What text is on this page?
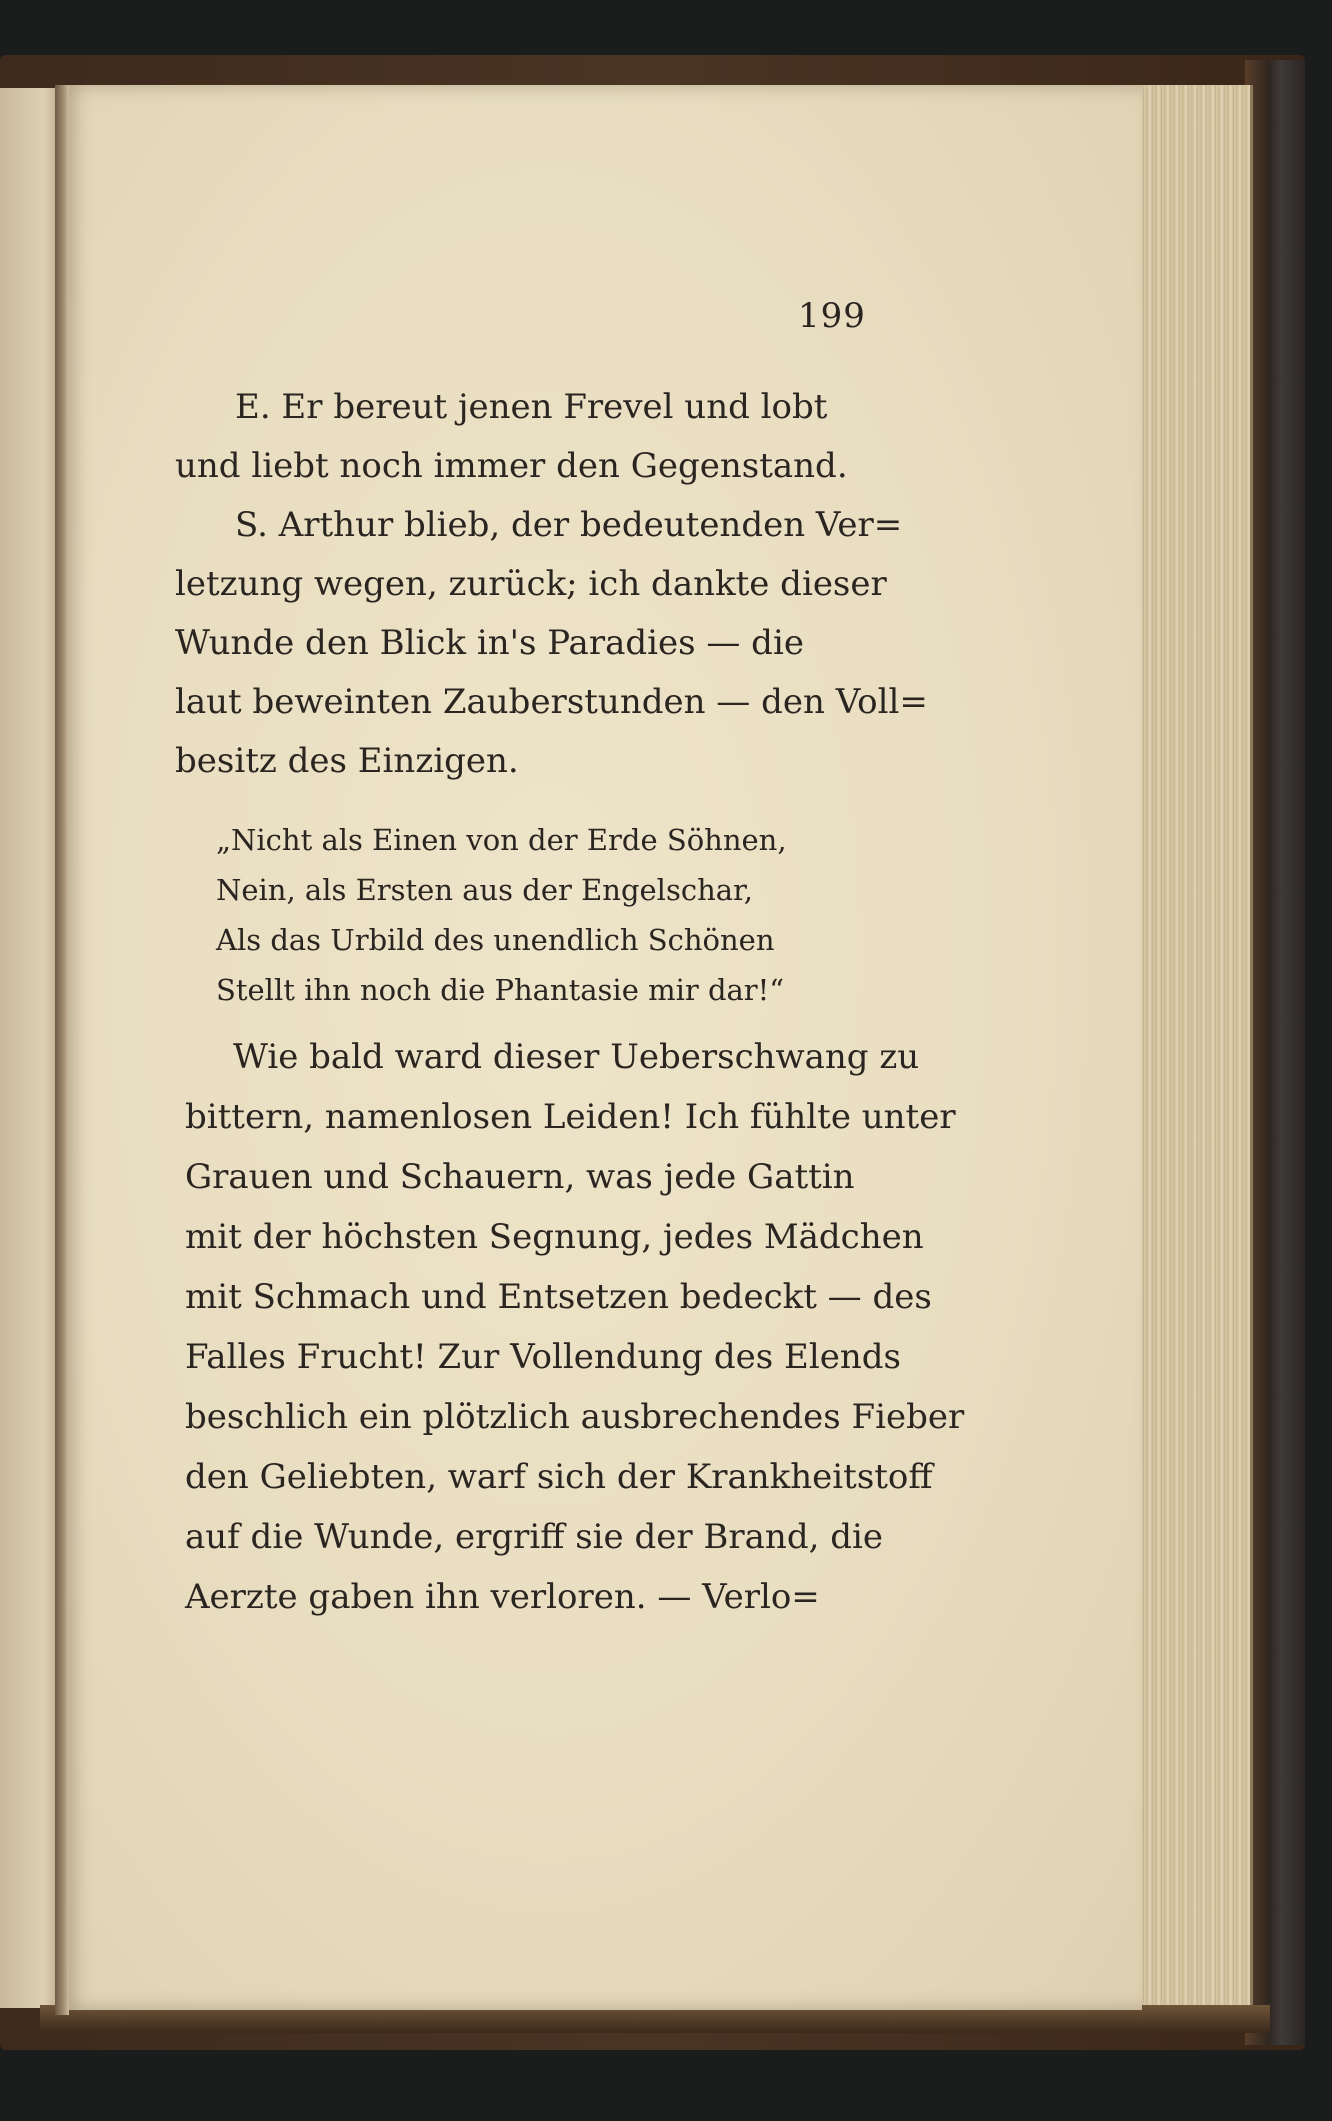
199
E. Er bereut jenen Frevel und lobt
und liebt noch immer den Gegenstand.
S. Arthur blieb, der bedeutenden Ver=
letzung wegen, zurück; ich dankte dieser
Wunde den Blick in's Paradies — die
laut beweinten Zauberstunden — den Voll=
besitz des Einzigen.
„Nicht als Einen von der Erde Söhnen,
Nein, als Ersten aus der Engelschar,
Als das Urbild des unendlich Schönen
Stellt ihn noch die Phantasie mir dar!“
Wie bald ward dieser Ueberschwang zu
bittern, namenlosen Leiden! Ich fühlte unter
Grauen und Schauern, was jede Gattin
mit der höchsten Segnung, jedes Mädchen
mit Schmach und Entsetzen bedeckt — des
Falles Frucht! Zur Vollendung des Elends
beschlich ein plötzlich ausbrechendes Fieber
den Geliebten, warf sich der Krankheitstoff
auf die Wunde, ergriff sie der Brand, die
Aerzte gaben ihn verloren. — Verlo=
